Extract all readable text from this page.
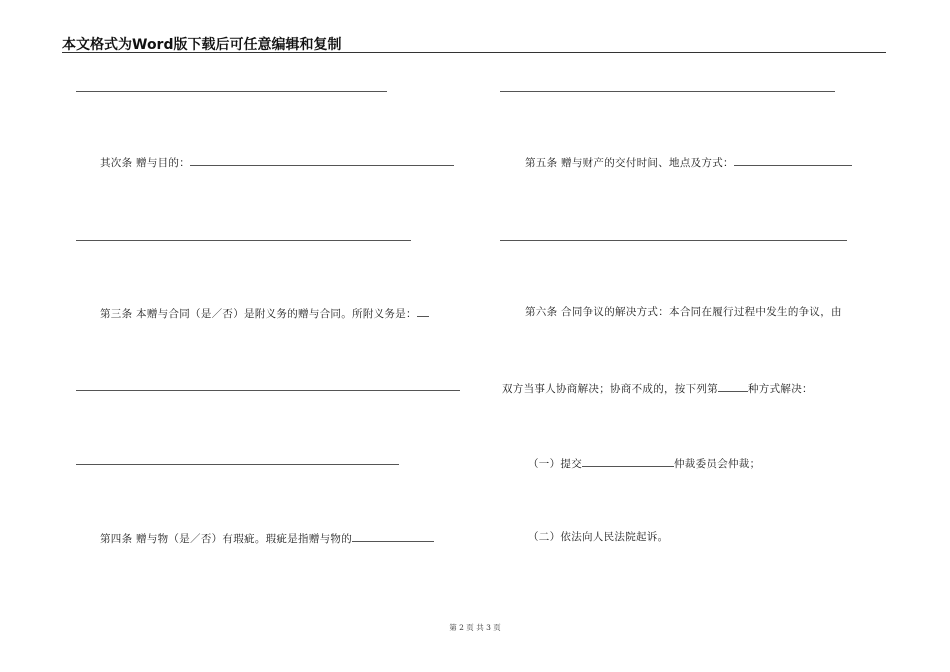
本文格式为Word版下载后可任意编辑和复制
其次条 赠与目的：
第三条 本赠与合同（是／否）是附义务的赠与合同。所附义务是：
第四条 赠与物（是／否）有瑕疵。瑕疵是指赠与物的
第五条 赠与财产的交付时间、地点及方式：
第六条 合同争议的解决方式：本合同在履行过程中发生的争议，由
双方当事人协商解决；协商不成的，按下列第	种方式解决：
（一）提交	仲裁委员会仲裁；
（二）依法向人民法院起诉。
第 2 页 共 3 页
